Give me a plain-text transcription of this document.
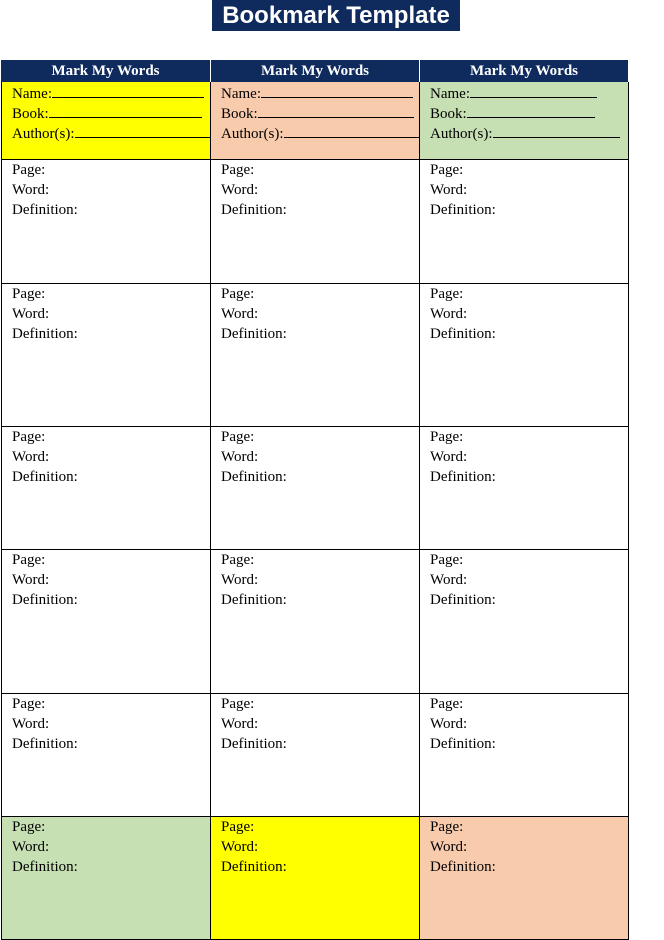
Bookmark Template
Mark My Words	Mark My Words	Mark My Words
Name:
Book:
Author(s):
Name:
Book:
Author(s):
Name:
Book:
Author(s):
Page:
Word:
Definition:
Page:
Word:
Definition:
Page:
Word:
Definition:
Page:
Word:
Definition:
Page:
Word:
Definition:
Page:
Word:
Definition:
Page:
Word:
Definition:
Page:
Word:
Definition:
Page:
Word:
Definition:
Page:
Word:
Definition:
Page:
Word:
Definition:
Page:
Word:
Definition:
Page:
Word:
Definition:
Page:
Word:
Definition:
Page:
Word:
Definition:
Page:
Word:
Definition:
Page:
Word:
Definition:
Page:
Word:
Definition:
